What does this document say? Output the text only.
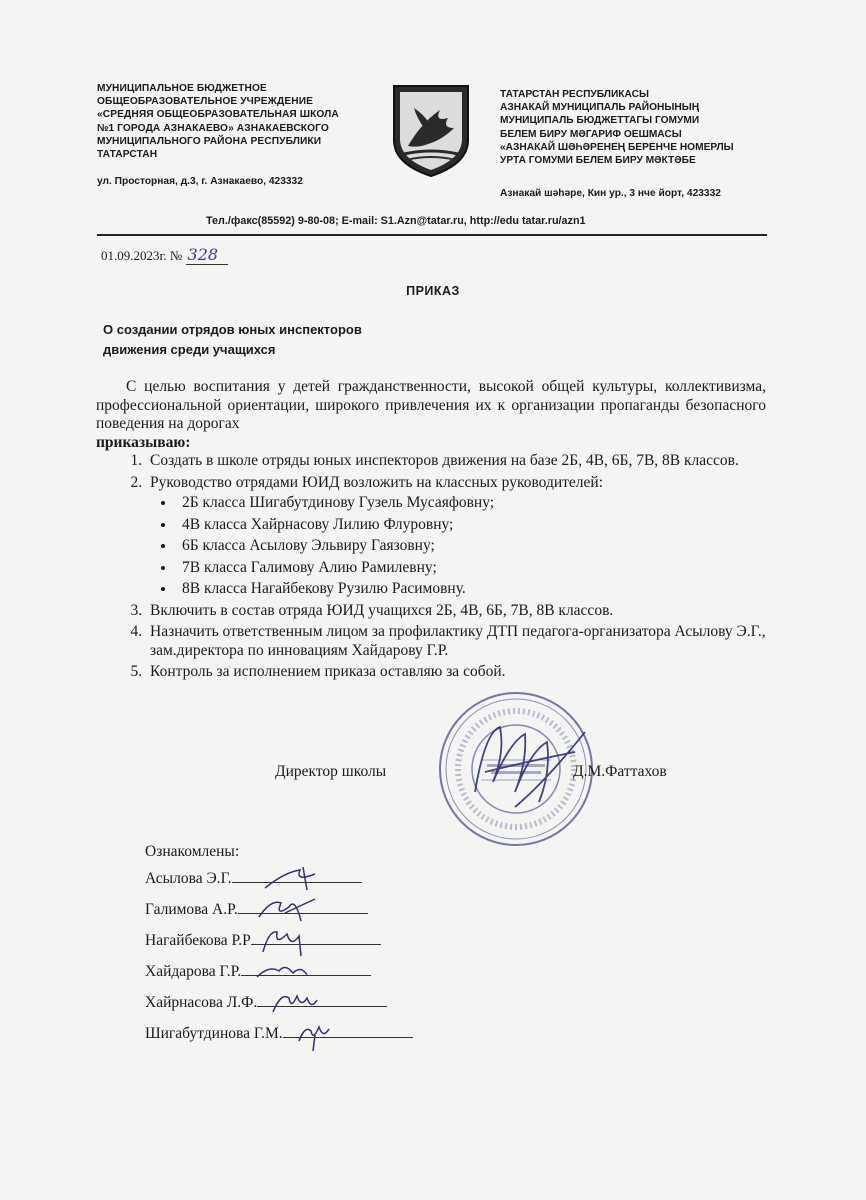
МУНИЦИПАЛЬНОЕ БЮДЖЕТНОЕ
ОБЩЕОБРАЗОВАТЕЛЬНОЕ УЧРЕЖДЕНИЕ
«СРЕДНЯЯ ОБЩЕОБРАЗОВАТЕЛЬНАЯ ШКОЛА
№1 ГОРОДА АЗНАКАЕВО» АЗНАКАЕВСКОГО
МУНИЦИПАЛЬНОГО РАЙОНА РЕСПУБЛИКИ
ТАТАРСТАН
ул. Просторная, д.3, г. Азнакаево, 423332
ТАТАРСТАН РЕСПУБЛИКАСЫ
АЗНАКАЙ МУНИЦИПАЛЬ РАЙОНЫНЫҢ
МУНИЦИПАЛЬ БЮДЖЕТТАГЫ ГОМУМИ
БЕЛЕМ БИРУ МӘГАРИФ ОЕШМАСЫ
«АЗНАКАЙ ШӘҺӘРЕНЕҢ БЕРЕНЧЕ НОМЕРЛЫ
УРТА ГОМУМИ БЕЛЕМ БИРУ МӘКТӘБЕ
Азнакай шәһәре, Кин ур., 3 нче йорт, 423332
Тел./факс(85592) 9-80-08; E-mail: S1.Azn@tatar.ru, http://edu tatar.ru/azn1
01.09.2023г. № 328
ПРИКАЗ
О создании отрядов юных инспекторов
движения среди учащихся

С целью воспитания у детей гражданственности, высокой общей культуры, коллективизма, профессиональной ориентации, широкого привлечения их к организации пропаганды безопасного поведения на дорогах

приказываю:

1. Создать в школе отряды юных инспекторов движения на базе 2Б, 4В, 6Б, 7В, 8В классов.
2. Руководство отрядами ЮИД возложить на классных руководителей:
• 2Б класса Шигабутдинову Гузель Мусаяфовну;
• 4В класса Хайрнасову Лилию Флуровну;
• 6Б класса Асылову Эльвиру Гаязовну;
• 7В класса Галимову Алию Рамилевну;
• 8В класса Нагайбекову Рузилю Расимовну.
3. Включить в состав отряда ЮИД учащихся 2Б, 4В, 6Б, 7В, 8В классов.
4. Назначить ответственным лицом за профилактику ДТП педагога-организатора Асылову Э.Г., зам.директора по инновациям Хайдарову Г.Р.
5. Контроль за исполнением приказа оставляю за собой.
Директор школы	Д.М.Фаттахов
Ознакомлены:
Асылова Э.Г.
Галимова А.Р.
Нагайбекова Р.Р
Хайдарова Г.Р.
Хайрнасова Л.Ф.
Шигабутдинова Г.М.
